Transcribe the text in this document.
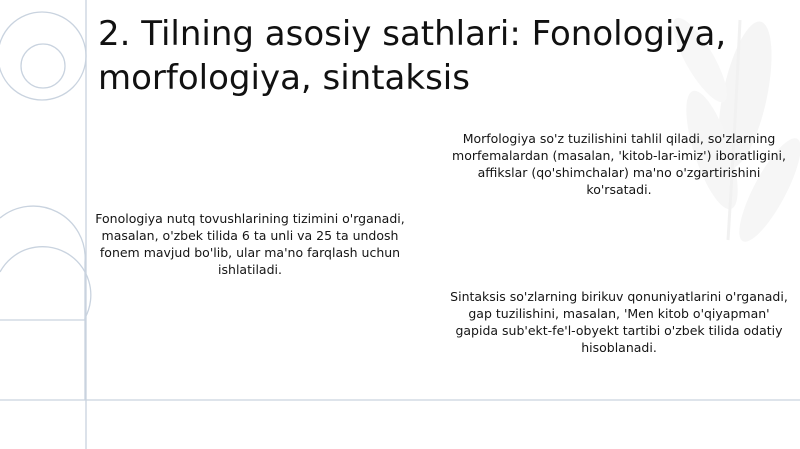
2. Tilning asosiy sathlari: Fonologiya, morfologiya, sintaksis

Morfologiya so'z tuzilishini tahlil qiladi, so'zlarning morfemalardan (masalan, 'kitob-lar-imiz') iboratligini, affikslar (qo'shimchalar) ma'no o'zgartirishini ko'rsatadi.

Fonologiya nutq tovushlarining tizimini o'rganadi, masalan, o'zbek tilida 6 ta unli va 25 ta undosh fonem mavjud bo'lib, ular ma'no farqlash uchun ishlatiladi.

Sintaksis so'zlarning birikuv qonuniyatlarini o'rganadi, gap tuzilishini, masalan, 'Men kitob o'qiyapman' gapida sub'ekt-fe'l-obyekt tartibi o'zbek tilida odatiy hisoblanadi.
